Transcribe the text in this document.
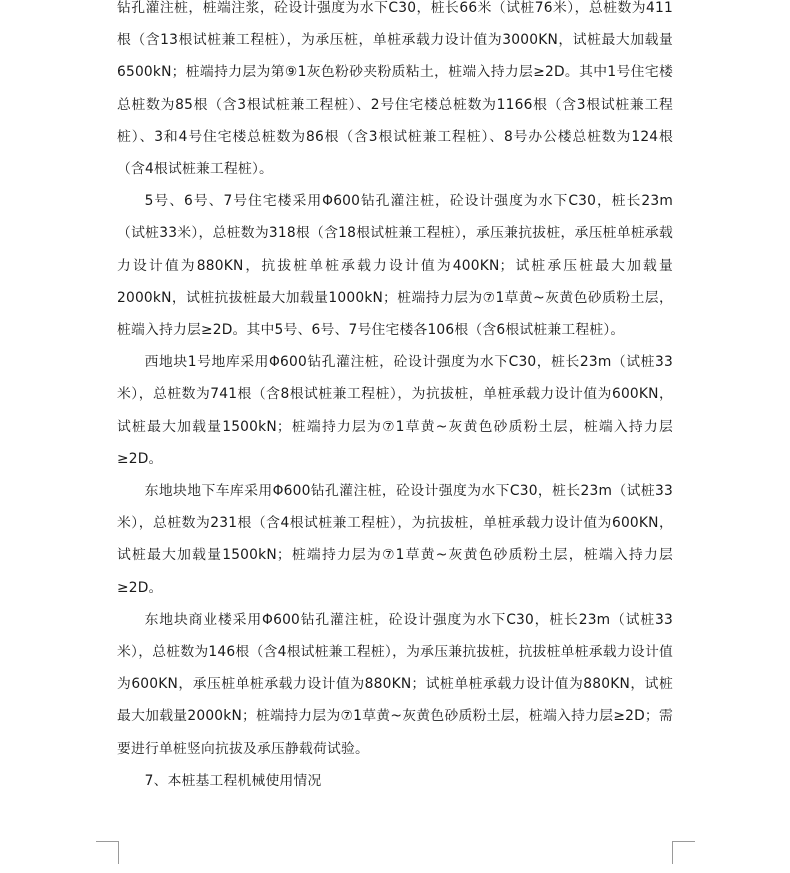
钻孔灌注桩，桩端注浆，砼设计强度为水下C30，桩长66米（试桩76米），总桩数为411根（含13根试桩兼工程桩），为承压桩，单桩承载力设计值为3000KN，试桩最大加载量6500kN；桩端持力层为第⑨1灰色粉砂夹粉质粘土，桩端入持力层≥2D。其中1号住宅楼总桩数为85根（含3根试桩兼工程桩）、2号住宅楼总桩数为1166根（含3根试桩兼工程桩）、3和4号住宅楼总桩数为86根（含3根试桩兼工程桩）、8号办公楼总桩数为124根（含4根试桩兼工程桩）。

5号、6号、7号住宅楼采用Φ600钻孔灌注桩，砼设计强度为水下C30，桩长23m（试桩33米），总桩数为318根（含18根试桩兼工程桩），承压兼抗拔桩，承压桩单桩承载力设计值为880KN，抗拔桩单桩承载力设计值为400KN；试桩承压桩最大加载量2000kN，试桩抗拔桩最大加载量1000kN；桩端持力层为⑦1草黄~灰黄色砂质粉土层，桩端入持力层≥2D。其中5号、6号、7号住宅楼各106根（含6根试桩兼工程桩）。

西地块1号地库采用Φ600钻孔灌注桩，砼设计强度为水下C30，桩长23m（试桩33米），总桩数为741根（含8根试桩兼工程桩），为抗拔桩，单桩承载力设计值为600KN，试桩最大加载量1500kN；桩端持力层为⑦1草黄~灰黄色砂质粉土层，桩端入持力层≥2D。

东地块地下车库采用Φ600钻孔灌注桩，砼设计强度为水下C30，桩长23m（试桩33米），总桩数为231根（含4根试桩兼工程桩），为抗拔桩，单桩承载力设计值为600KN，试桩最大加载量1500kN；桩端持力层为⑦1草黄~灰黄色砂质粉土层，桩端入持力层≥2D。

东地块商业楼采用Φ600钻孔灌注桩，砼设计强度为水下C30，桩长23m（试桩33米），总桩数为146根（含4根试桩兼工程桩），为承压兼抗拔桩，抗拔桩单桩承载力设计值为600KN，承压桩单桩承载力设计值为880KN；试桩单桩承载力设计值为880KN，试桩最大加载量2000kN；桩端持力层为⑦1草黄~灰黄色砂质粉土层，桩端入持力层≥2D；需要进行单桩竖向抗拔及承压静载荷试验。

7、本桩基工程机械使用情况
